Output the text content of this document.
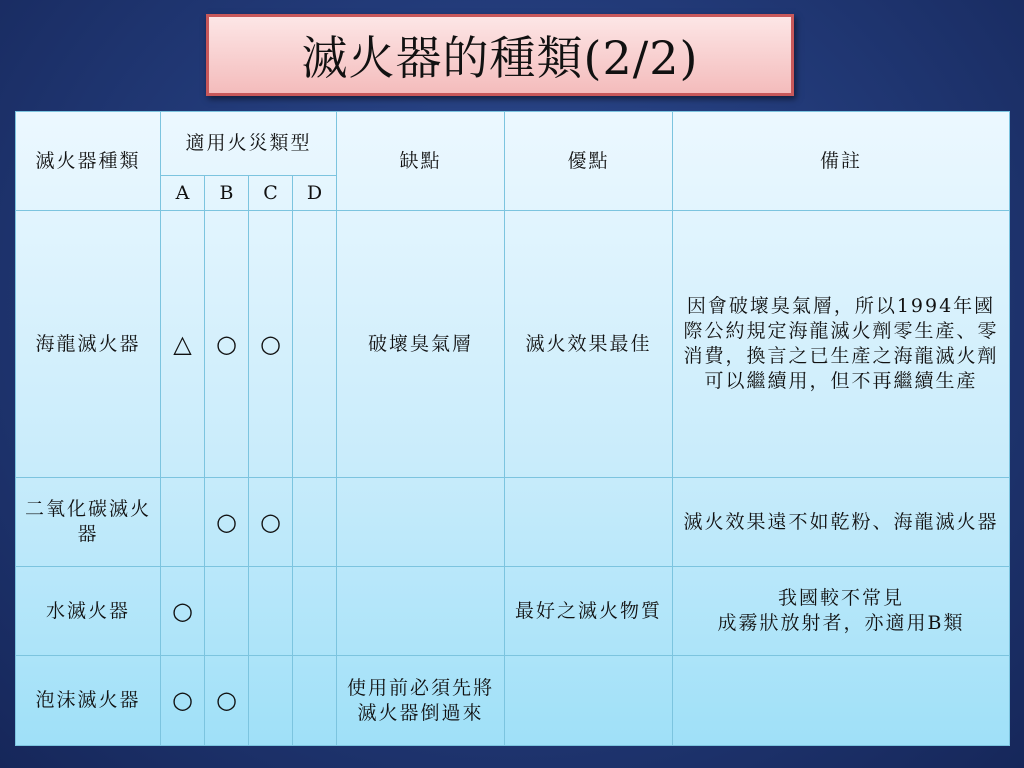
滅火器的種類(2/2)
滅火器種類	適用火災類型				缺點	優點	備註
	A	B	C	D			
海龍滅火器	△	○	○		破壞臭氣層	滅火效果最佳	因會破壞臭氣層，所以1994年國際公約規定海龍滅火劑零生產、零消費，換言之已生產之海龍滅火劑可以繼續用，但不再繼續生產
二氧化碳滅火器		○	○				滅火效果遠不如乾粉、海龍滅火器
水滅火器	○					最好之滅火物質	我國較不常見
成霧狀放射者，亦適用B類
泡沫滅火器	○	○			使用前必須先將滅火器倒過來		
